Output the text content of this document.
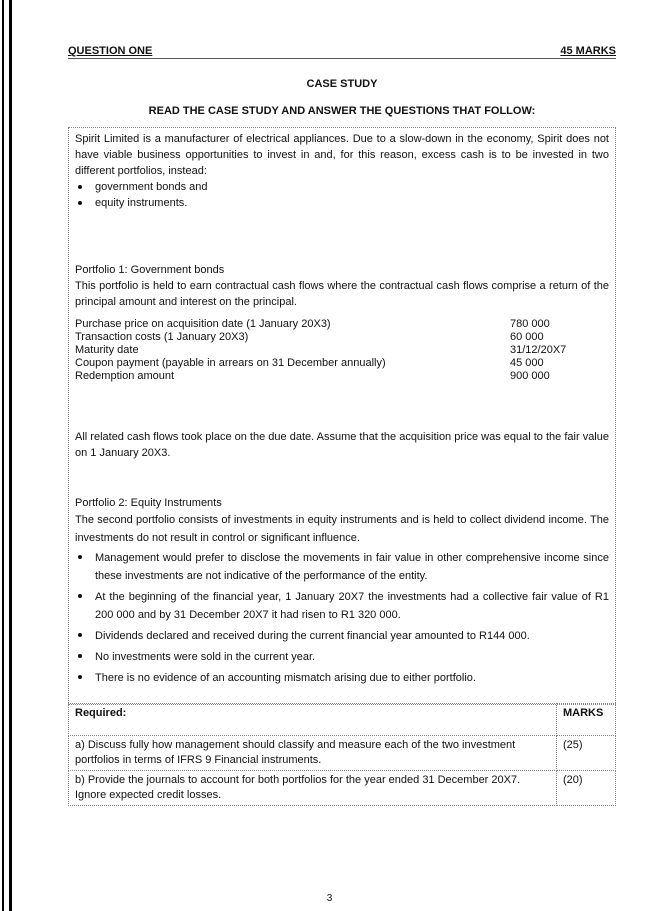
QUESTION ONE	45 MARKS
CASE STUDY
READ THE CASE STUDY AND ANSWER THE QUESTIONS THAT FOLLOW:

Spirit Limited is a manufacturer of electrical appliances. Due to a slow-down in the economy, Spirit does not have viable business opportunities to invest in and, for this reason, excess cash is to be invested in two different portfolios, instead:

government bonds and
equity instruments.

Portfolio 1: Government bonds

This portfolio is held to earn contractual cash flows where the contractual cash flows comprise a return of the principal amount and interest on the principal.

Purchase price on acquisition date (1 January 20X3)	780 000
Transaction costs (1 January 20X3)	60 000
Maturity date	31/12/20X7
Coupon payment (payable in arrears on 31 December annually)	45 000
Redemption amount	900 000

All related cash flows took place on the due date. Assume that the acquisition price was equal to the fair value on 1 January 20X3.

Portfolio 2: Equity Instruments

The second portfolio consists of investments in equity instruments and is held to collect dividend income. The investments do not result in control or significant influence.

Management would prefer to disclose the movements in fair value in other comprehensive income since these investments are not indicative of the performance of the entity.
At the beginning of the financial year, 1 January 20X7 the investments had a collective fair value of R1 200 000 and by 31 December 20X7 it had risen to R1 320 000.
Dividends declared and received during the current financial year amounted to R144 000.
No investments were sold in the current year.
There is no evidence of an accounting mismatch arising due to either portfolio.
Required:	MARKS
a) Discuss fully how management should classify and measure each of the two investment portfolios in terms of IFRS 9 Financial instruments.	(25)

b) Provide the journals to account for both portfolios for the year ended 31 December 20X7.
Ignore expected credit losses.	(20)
3
